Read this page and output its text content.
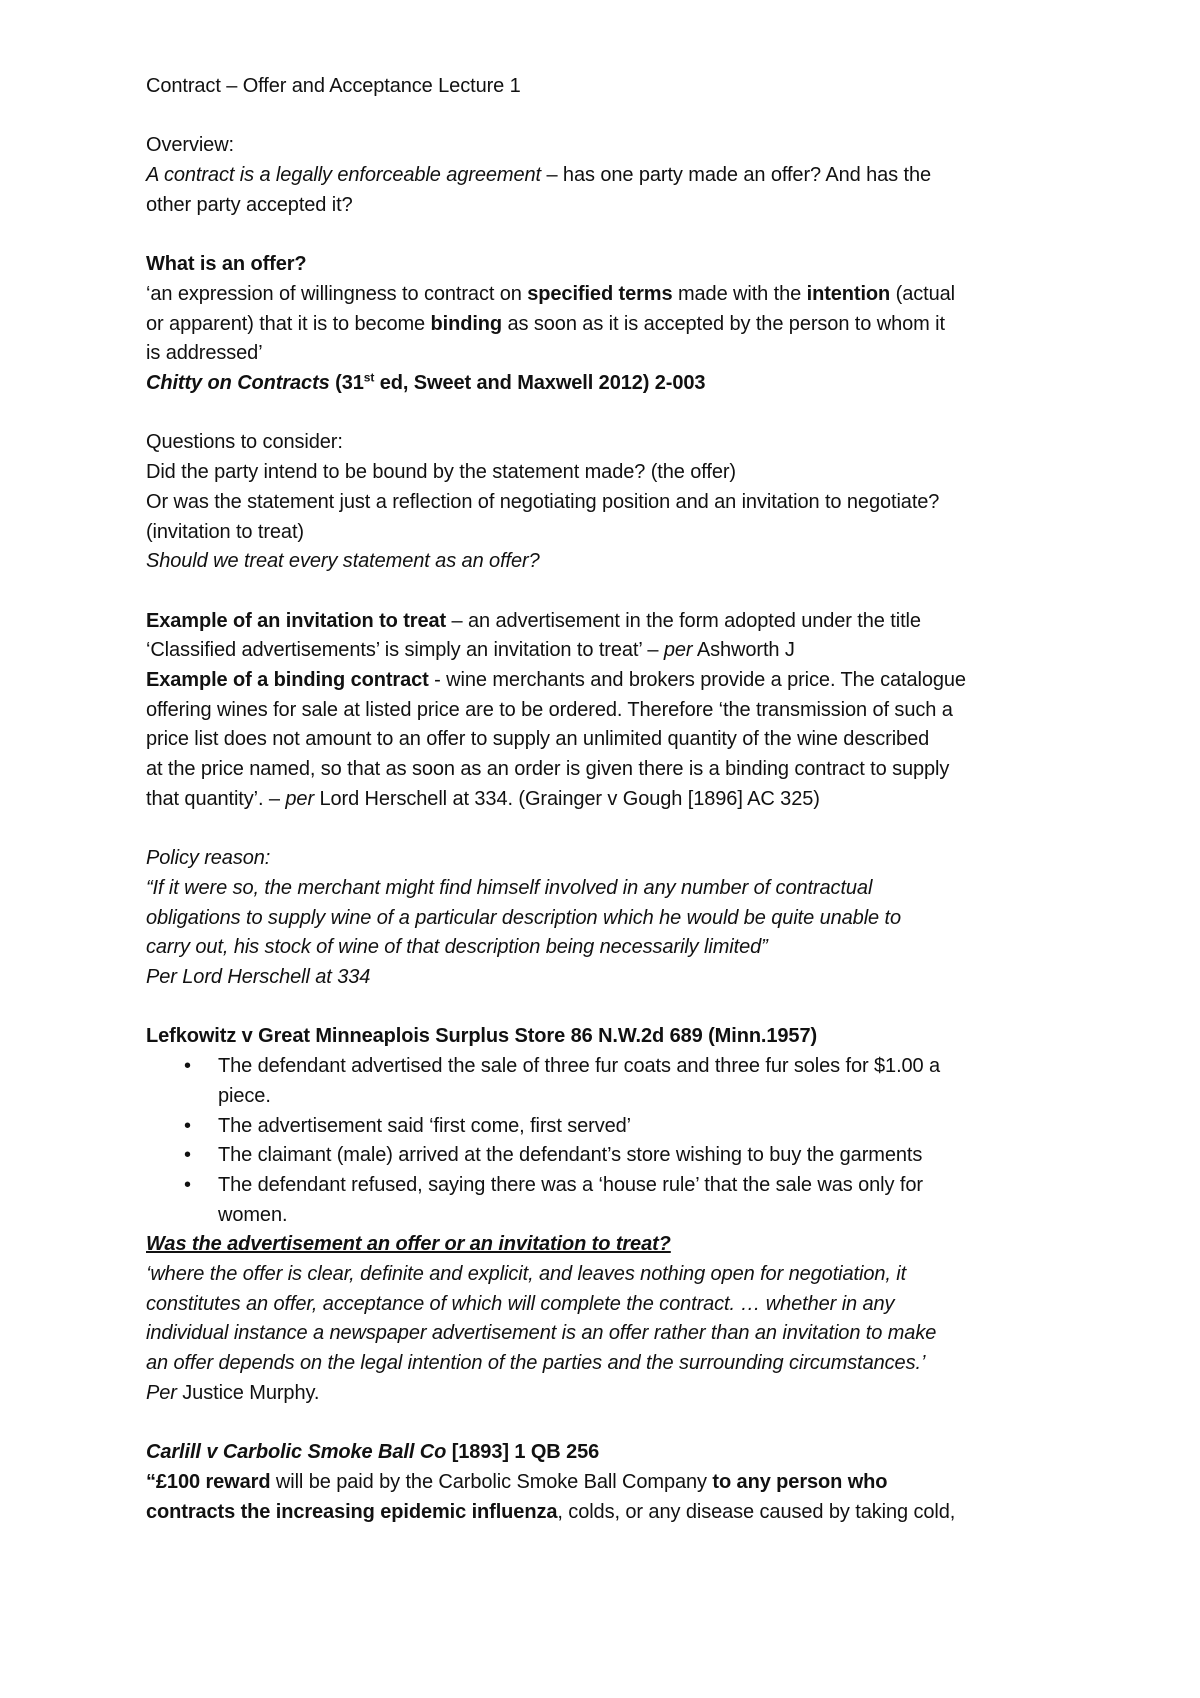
Contract – Offer and Acceptance Lecture 1
Overview:
A contract is a legally enforceable agreement – has one party made an offer? And has the
other party accepted it?
What is an offer?
‘an expression of willingness to contract on specified terms made with the intention (actual
or apparent) that it is to become binding as soon as it is accepted by the person to whom it
is addressed’
Chitty on Contracts (31st ed, Sweet and Maxwell 2012) 2-003
Questions to consider:
Did the party intend to be bound by the statement made? (the offer)
Or was the statement just a reflection of negotiating position and an invitation to negotiate?
(invitation to treat)
Should we treat every statement as an offer?
Example of an invitation to treat – an advertisement in the form adopted under the title
‘Classified advertisements’ is simply an invitation to treat’ – per Ashworth J
Example of a binding contract - wine merchants and brokers provide a price. The catalogue
offering wines for sale at listed price are to be ordered. Therefore ‘the transmission of such a
price list does not amount to an offer to supply an unlimited quantity of the wine described
at the price named, so that as soon as an order is given there is a binding contract to supply
that quantity’. – per Lord Herschell at 334. (Grainger v Gough [1896] AC 325)
Policy reason:
“If it were so, the merchant might find himself involved in any number of contractual
obligations to supply wine of a particular description which he would be quite unable to
carry out, his stock of wine of that description being necessarily limited”
Per Lord Herschell at 334
Lefkowitz v Great Minneaplois Surplus Store 86 N.W.2d 689 (Minn.1957)
• The defendant advertised the sale of three fur coats and three fur soles for $1.00 a
piece.
• The advertisement said ‘first come, first served’
• The claimant (male) arrived at the defendant’s store wishing to buy the garments
• The defendant refused, saying there was a ‘house rule’ that the sale was only for
women.
Was the advertisement an offer or an invitation to treat?
‘where the offer is clear, definite and explicit, and leaves nothing open for negotiation, it
constitutes an offer, acceptance of which will complete the contract. … whether in any
individual instance a newspaper advertisement is an offer rather than an invitation to make
an offer depends on the legal intention of the parties and the surrounding circumstances.’
Per Justice Murphy.
Carlill v Carbolic Smoke Ball Co [1893] 1 QB 256
“£100 reward will be paid by the Carbolic Smoke Ball Company to any person who
contracts the increasing epidemic influenza, colds, or any disease caused by taking cold,
